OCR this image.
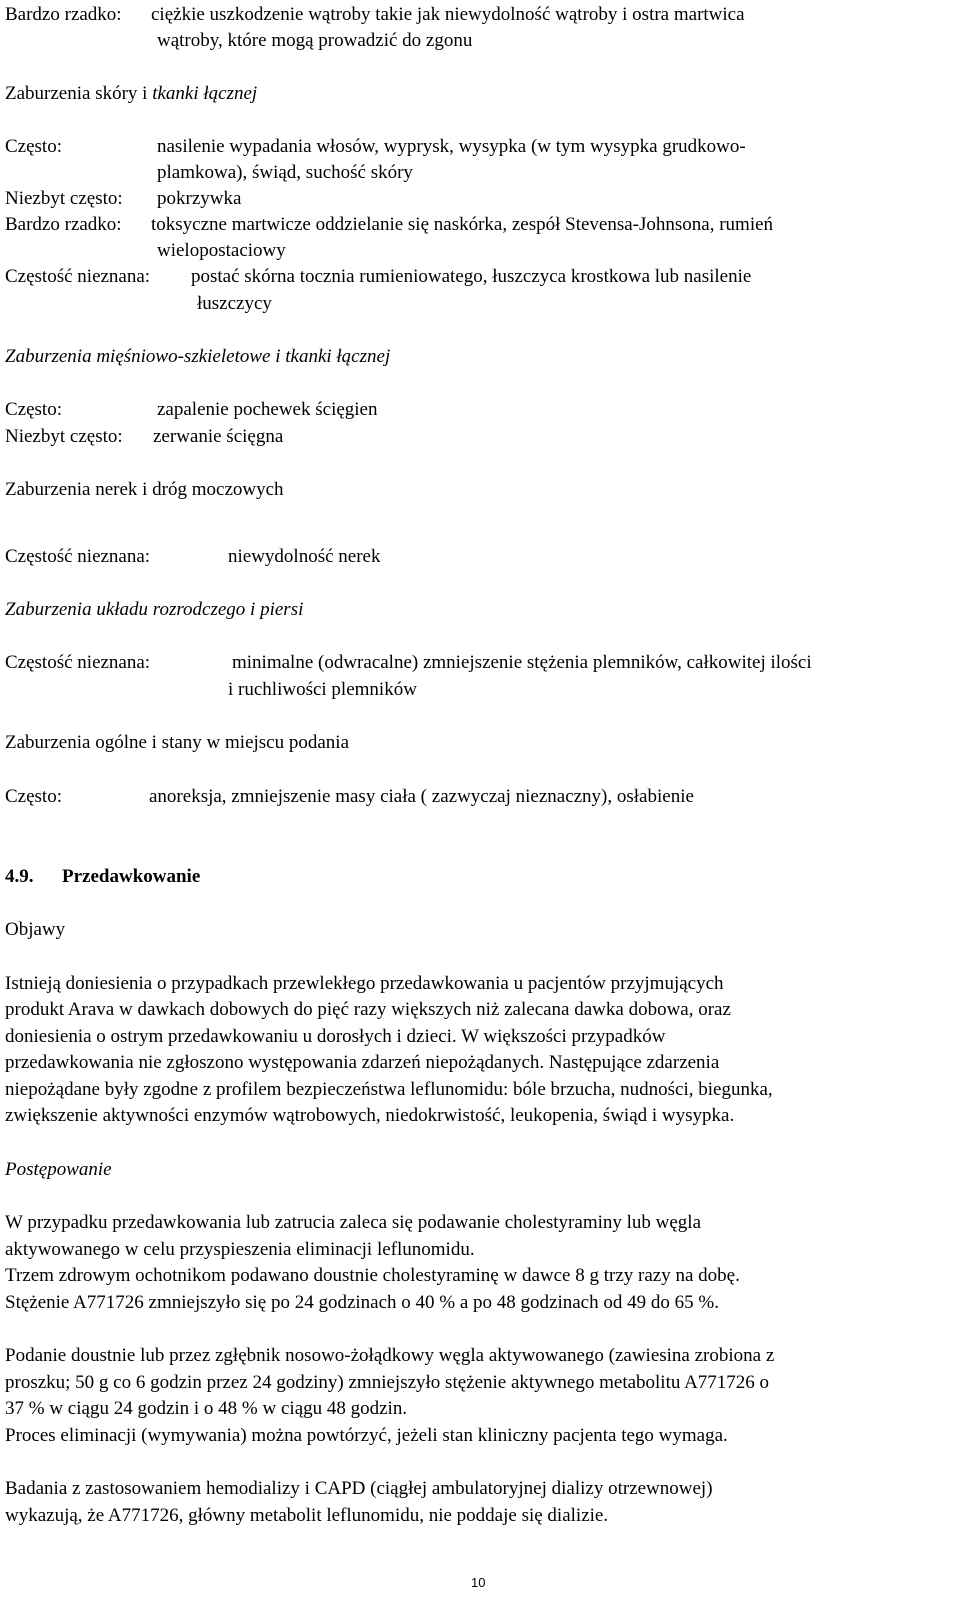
Bardzo rzadko: ciężkie uszkodzenie wątroby takie jak niewydolność wątroby i ostra martwica
wątroby, które mogą prowadzić do zgonu
Zaburzenia skóry i tkanki łącznej
Często:	nasilenie wypadania włosów, wyprysk, wysypka (w tym wysypka grudkowo-
plamkowa), świąd, suchość skóry
Niezbyt często: pokrzywka
Bardzo rzadko: toksyczne martwicze oddzielanie się naskórka, zespół Stevensa-Johnsona, rumień
wielopostaciowy
Częstość nieznana: postać skórna tocznia rumieniowatego, łuszczyca krostkowa lub nasilenie
łuszczycy
Zaburzenia mięśniowo-szkieletowe i tkanki łącznej
Często:	zapalenie pochewek ścięgien
Niezbyt często: zerwanie ścięgna
Zaburzenia nerek i dróg moczowych
Częstość nieznana:	niewydolność nerek
Zaburzenia układu rozrodczego i piersi
Częstość nieznana:	minimalne (odwracalne) zmniejszenie stężenia plemników, całkowitej ilości
i ruchliwości plemników
Zaburzenia ogólne i stany w miejscu podania
Często:	anoreksja, zmniejszenie masy ciała ( zazwyczaj nieznaczny), osłabienie
4.9. Przedawkowanie
Objawy
Istnieją doniesienia o przypadkach przewlekłego przedawkowania u pacjentów przyjmujących
produkt Arava w dawkach dobowych do pięć razy większych niż zalecana dawka dobowa, oraz
doniesienia o ostrym przedawkowaniu u dorosłych i dzieci. W większości przypadków
przedawkowania nie zgłoszono występowania zdarzeń niepożądanych. Następujące zdarzenia
niepożądane były zgodne z profilem bezpieczeństwa leflunomidu: bóle brzucha, nudności, biegunka,
zwiększenie aktywności enzymów wątrobowych, niedokrwistość, leukopenia, świąd i wysypka.
Postępowanie
W przypadku przedawkowania lub zatrucia zaleca się podawanie cholestyraminy lub węgla
aktywowanego w celu przyspieszenia eliminacji leflunomidu.
Trzem zdrowym ochotnikom podawano doustnie cholestyraminę w dawce 8 g trzy razy na dobę.
Stężenie A771726 zmniejszyło się po 24 godzinach o 40 % a po 48 godzinach od 49 do 65 %.
Podanie doustnie lub przez zgłębnik nosowo-żołądkowy węgla aktywowanego (zawiesina zrobiona z
proszku; 50 g co 6 godzin przez 24 godziny) zmniejszyło stężenie aktywnego metabolitu A771726 o
37 % w ciągu 24 godzin i o 48 % w ciągu 48 godzin.
Proces eliminacji (wymywania) można powtórzyć, jeżeli stan kliniczny pacjenta tego wymaga.
Badania z zastosowaniem hemodializy i CAPD (ciągłej ambulatoryjnej dializy otrzewnowej)
wykazują, że A771726, główny metabolit leflunomidu, nie poddaje się dializie.
10
